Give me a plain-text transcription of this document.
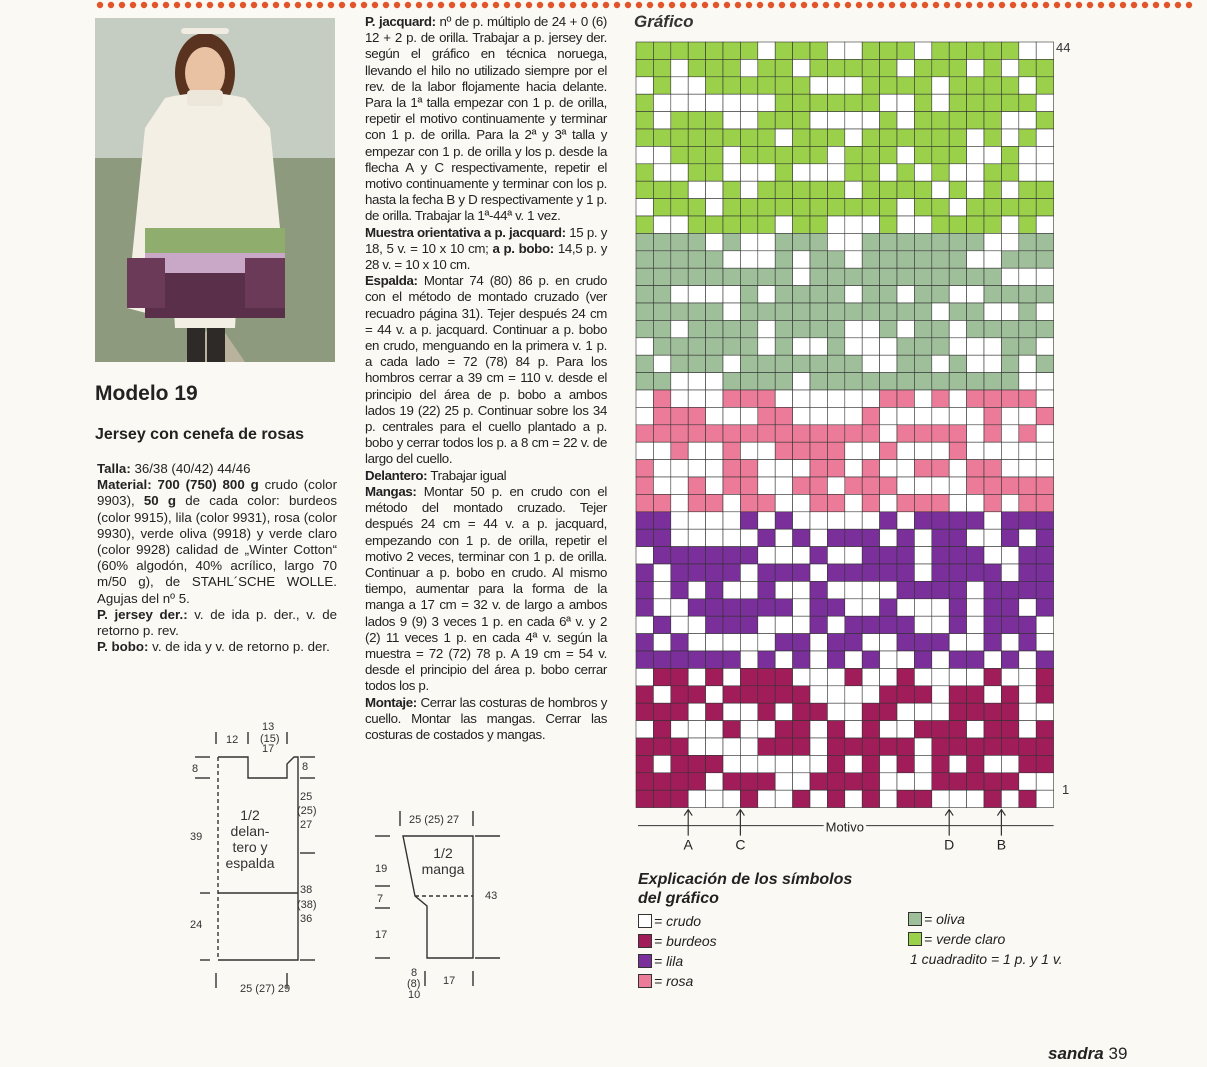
Modelo 19
Jersey con cenefa de rosas

Talla: 36/38 (40/42) 44/46
Material: 700 (750) 800 g crudo (color 9903), 50 g de cada color: burdeos (color 9915), lila (color 9931), rosa (color 9930), verde oliva (9918) y verde claro (color 9928) calidad de „Winter Cotton“ (60% algodón, 40% acrílico, largo 70 m/50 g), de STAHL´SCHE WOLLE. Agujas del nº 5.

P. jersey der.: v. de ida p. der., v. de retorno p. rev.

P. bobo: v. de ida y v. de retorno p. der.

P. jacquard: nº de p. múltiplo de 24 + 0 (6) 12 + 2 p. de orilla. Trabajar a p. jersey der. según el gráfico en técnica noruega, llevando el hilo no utilizado siempre por el rev. de la labor flojamente hacia delante. Para la 1ª talla empezar con 1 p. de orilla, repetir el motivo continuamente y terminar con 1 p. de orilla. Para la 2ª y 3ª talla y empezar con 1 p. de orilla y los p. desde la flecha A y C respectivamente, repetir el motivo continuamente y terminar con los p. hasta la fecha B y D respectivamente y 1 p. de orilla. Trabajar la 1ª-44ª v. 1 vez.

Muestra orientativa a p. jacquard: 15 p. y 18, 5 v. = 10 x 10 cm; a p. bobo: 14,5 p. y 28 v. = 10 x 10 cm.

Espalda: Montar 74 (80) 86 p. en crudo con el método de montado cruzado (ver recuadro página 31). Tejer después 24 cm = 44 v. a p. jacquard. Continuar a p. bobo en crudo, menguando en la primera v. 1 p. a cada lado = 72 (78) 84 p. Para los hombros cerrar a 39 cm = 110 v. desde el principio del área de p. bobo a ambos lados 19 (22) 25 p. Continuar sobre los 34 p. centrales para el cuello plantado a p. bobo y cerrar todos los p. a 8 cm = 22 v. de largo del cuello.

Delantero: Trabajar igual

Mangas: Montar 50 p. en crudo con el método del montado cruzado. Tejer después 24 cm = 44 v. a p. jacquard, empezando con 1 p. de orilla, repetir el motivo 2 veces, terminar con 1 p. de orilla. Continuar a p. bobo en crudo. Al mismo tiempo, aumentar para la forma de la manga a 17 cm = 32 v. de largo a ambos lados 9 (9) 3 veces 1 p. en cada 6ª v. y 2 (2) 11 veces 1 p. en cada 4ª v. según la muestra = 72 (72) 78 p. A 19 cm = 54 v. desde el principio del área p. bobo cerrar todos los p.

Montaje: Cerrar las costuras de hombros y cuello. Montar las mangas. Cerrar las costuras de costados y mangas.

Gráfico
A	C	D	B
Motivo
44
1
Explicación de los símbolos
del gráfico
= crudo
= burdeos
= lila
= rosa
= oliva
= verde claro
1 cuadradito = 1 p. y 1 v.
12
13
(15)
17
8	8
39
24
25
(25)
27
38
(38)
36
25 (27) 29
1/2
delan-
tero y
espalda
25 (25) 27
19
7
17
43
8
(8)
10
17
1/2
manga
sandra 39
